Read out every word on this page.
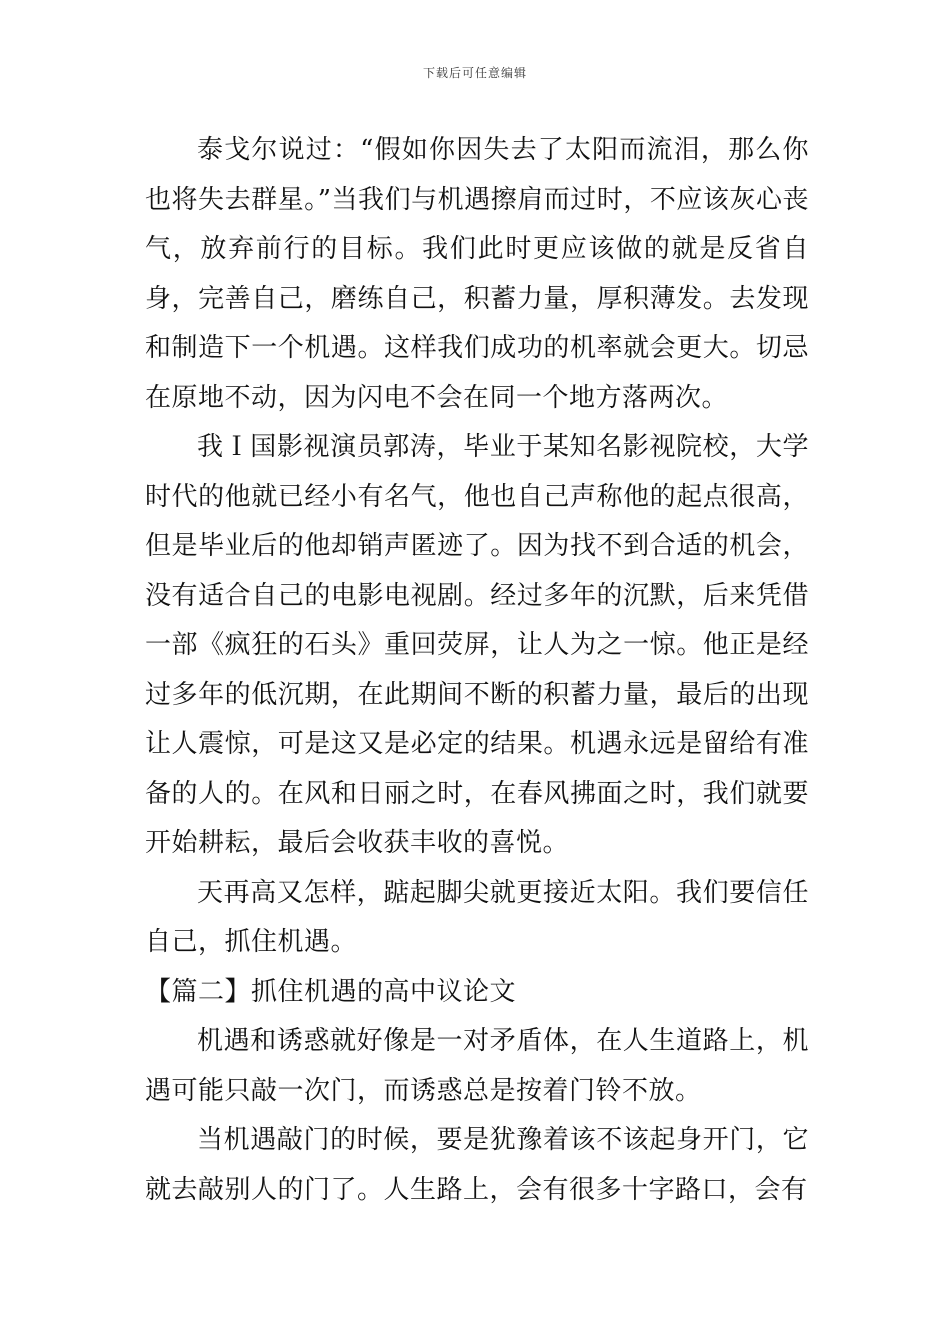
下载后可任意编辑

泰戈尔说过：“假如你因失去了太阳而流泪，那么你也将失去群星。”当我们与机遇擦肩而过时，不应该灰心丧气，放弃前行的目标。我们此时更应该做的就是反省自身，完善自己，磨练自己，积蓄力量，厚积薄发。去发现和制造下一个机遇。这样我们成功的机率就会更大。切忌在原地不动，因为闪电不会在同一个地方落两次。

我Ｉ国影视演员郭涛，毕业于某知名影视院校，大学时代的他就已经小有名气，他也自己声称他的起点很高，但是毕业后的他却销声匿迹了。因为找不到合适的机会，没有适合自己的电影电视剧。经过多年的沉默，后来凭借一部《疯狂的石头》重回荧屏，让人为之一惊。他正是经过多年的低沉期，在此期间不断的积蓄力量，最后的出现让人震惊，可是这又是必定的结果。机遇永远是留给有准备的人的。在风和日丽之时，在春风拂面之时，我们就要开始耕耘，最后会收获丰收的喜悦。

天再高又怎样，踮起脚尖就更接近太阳。我们要信任自己，抓住机遇。

【篇二】抓住机遇的高中议论文

机遇和诱惑就好像是一对矛盾体，在人生道路上，机遇可能只敲一次门，而诱惑总是按着门铃不放。

当机遇敲门的时候，要是犹豫着该不该起身开门，它就去敲别人的门了。人生路上，会有很多十字路口，会有
